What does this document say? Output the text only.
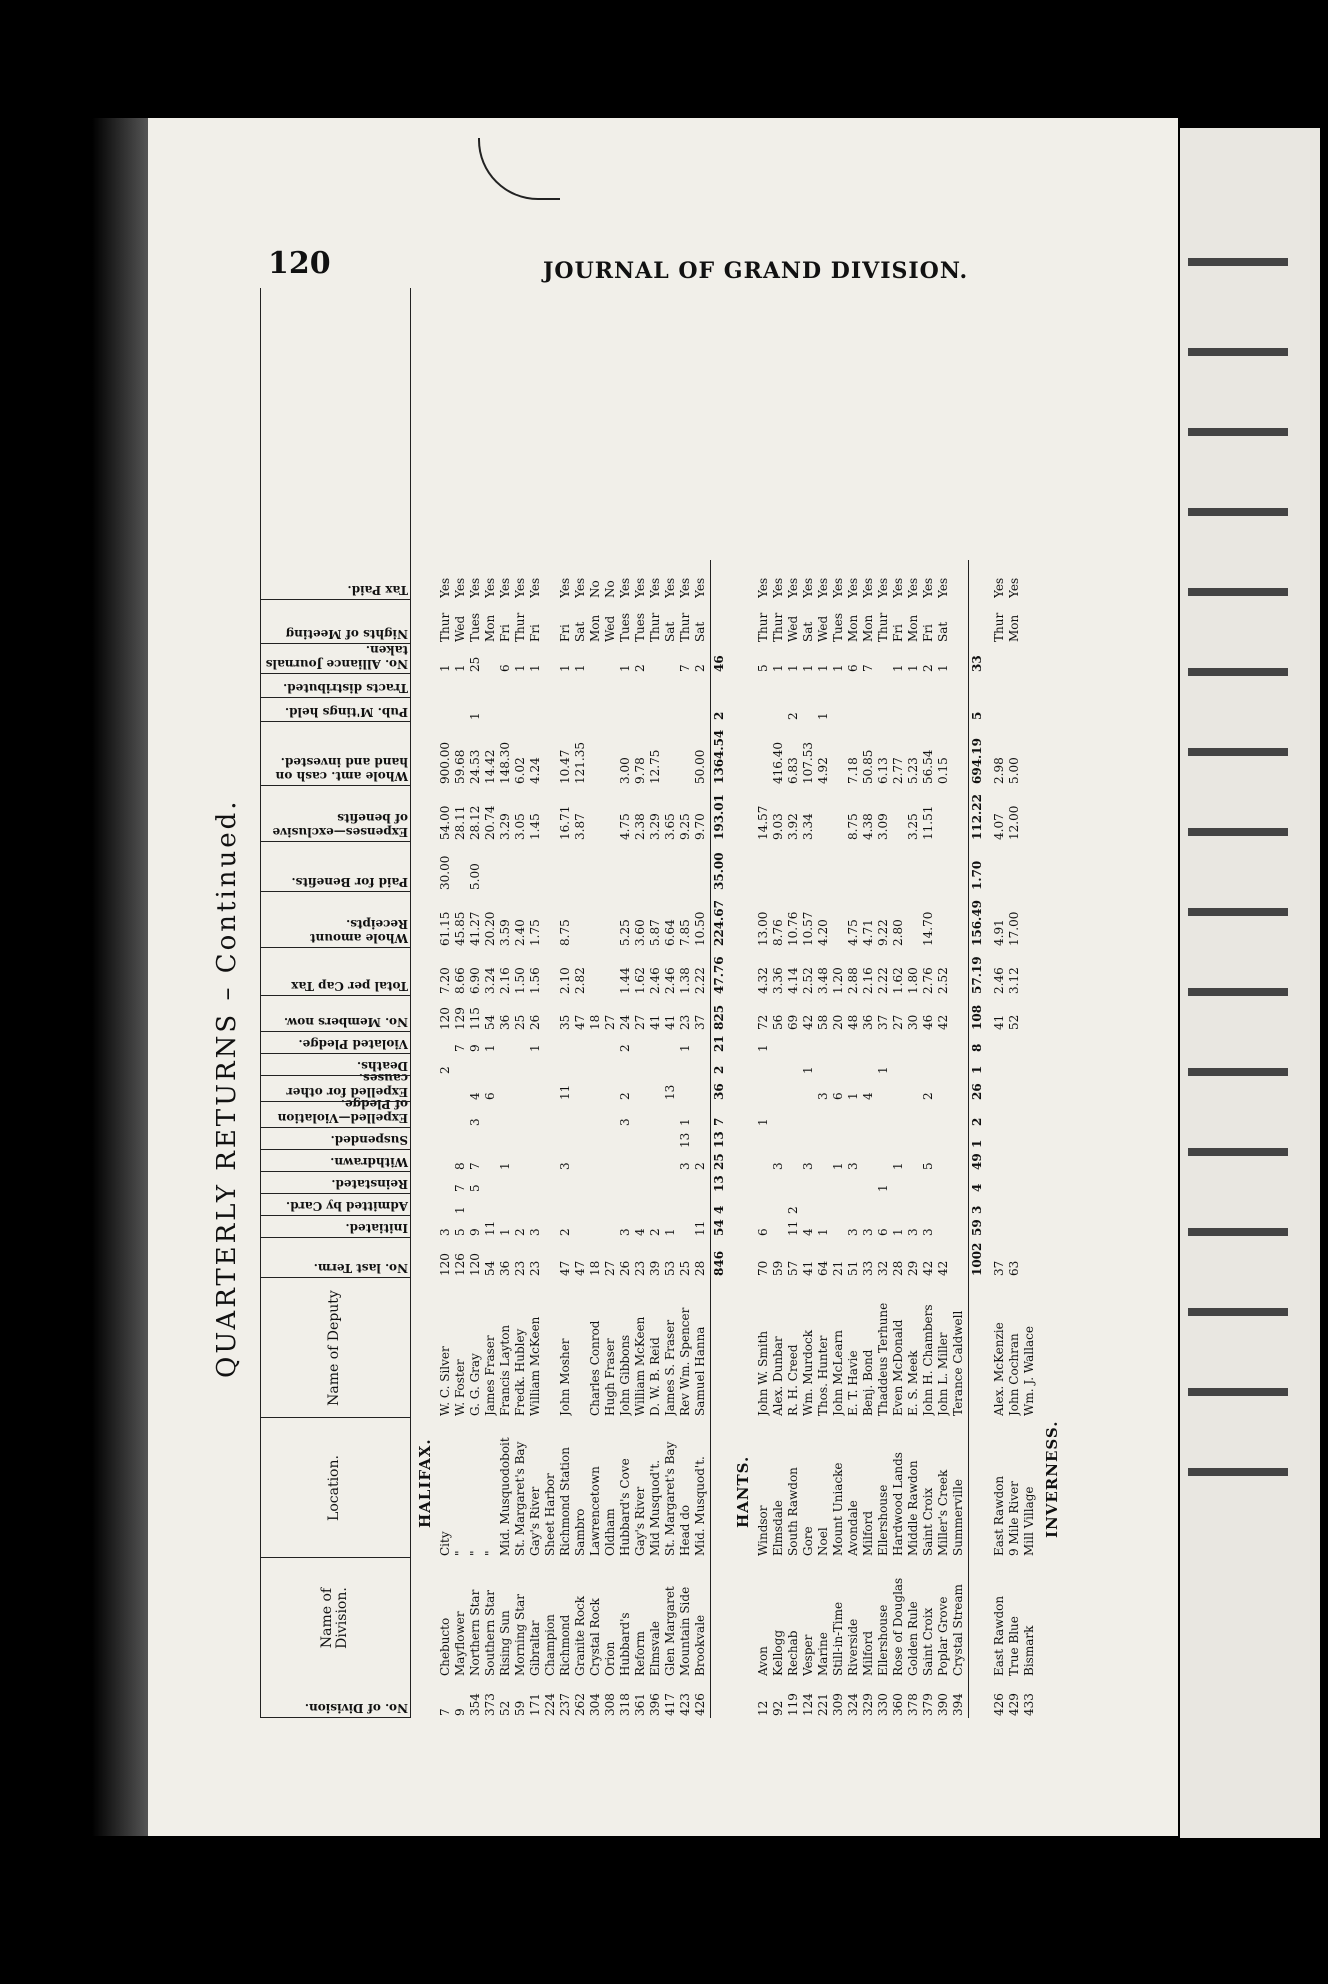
120	JOURNAL OF GRAND DIVISION.
QUARTERLY RETURNS – Continued.
No. of Division.
Name of Division.
Location.
Name of Deputy
No. last Term.
Initiated.
Admitted by Card.
Reinstated.
Withdrawn.
Suspended.
Expelled—Violation of Pledge.
Expelled for other causes.
Deaths.
Violated Pledge.
No. Members now.
Total per Cap Tax
Whole amount Receipts.
Paid for Benefits.
Expenses—exclusive of benefits
Whole amt. cash on hand and invested.
Pub. M'tings held.
Tracts distributed.
No. Alliance Journals taken.
Nights of Meeting
Tax Paid.
HALIFAX.
7
Chebucto
City
W. C. Silver
120
3
2
120
7.20
61.15
30.00
54.00
900.00
1
Thur
Yes
9
Mayflower
"
W. Foster
126
5
1
7
8
7
129
8.66
45.85
28.11
59.68
1
Wed
Yes
354
Northern Star
"
G. G. Gray
120
9
5
7
3
4
9
115
6.90
41.27
5.00
28.12
24.53
1
25
Tues
Yes
373
Southern Star
"
James Fraser
54
11
6
1
54
3.24
20.20
20.74
14.42
Mon
Yes
52
Rising Sun
Mid. Musquodoboit
Francis Layton
36
1
1
36
2.16
3.59
3.29
148.30
6
Fri
Yes
59
Morning Star
St. Margaret's Bay
Fredk. Hubley
23
2
25
1.50
2.40
3.05
6.02
1
Thur
Yes
171
Gibraltar
Gay's River
William McKeen
23
3
1
26
1.56
1.75
1.45
4.24
1
Fri
Yes
224
Champion
Sheet Harbor
237
Richmond
Richmond Station
John Mosher
47
2
3
11
35
2.10
8.75
16.71
10.47
1
Fri
Yes
262
Granite Rock
Sambro
47
47
2.82
3.87
121.35
1
Sat
Yes
304
Crystal Rock
Lawrencetown
Charles Conrod
18
18
Mon
No
308
Orion
Oldham
Hugh Fraser
27
27
Wed
No
318
Hubbard's
Hubbard's Cove
John Gibbons
26
3
3
2
2
24
1.44
5.25
4.75
3.00
1
Tues
Yes
361
Reform
Gay's River
William McKeen
23
4
27
1.62
3.60
2.38
9.78
2
Tues
Yes
396
Elmsvale
Mid Musquod't.
D. W. B. Reid
39
2
41
2.46
5.87
3.29
12.75
Thur
Yes
417
Glen Margaret
St. Margaret's Bay
James S. Fraser
53
1
13
41
2.46
6.64
3.65
Sat
Yes
423
Mountain Side
Head do
Rev Wm. Spencer
25
3
13
1
1
23
1.38
7.85
9.25
7
Thur
Yes
426
Brookvale
Mid. Musquod't.
Samuel Hanna
28
11
2
37
2.22
10.50
9.70
50.00
2
Sat
Yes
846
54
4
13
25
13
7
36
2
21
825
47.76
224.67
35.00
193.01
1364.54
2
46
HANTS.
12
Avon
Windsor
John W. Smith
70
6
1
1
72
4.32
13.00
14.57
5
Thur
Yes
92
Kellogg
Elmsdale
Alex. Dunbar
59
3
56
3.36
8.76
9.03
416.40
1
Thur
Yes
119
Rechab
South Rawdon
R. H. Creed
57
11
2
69
4.14
10.76
3.92
6.83
2
1
Wed
Yes
124
Vesper
Gore
Wm. Murdock
41
4
3
1
42
2.52
10.57
3.34
107.53
1
Sat
Yes
221
Marine
Noel
Thos. Hunter
64
1
3
58
3.48
4.20
4.92
1
1
Wed
Yes
309
Still-in-Time
Mount Uniacke
John McLearn
21
1
6
20
1.20
1
Tues
Yes
324
Riverside
Avondale
E. T. Havie
51
3
3
1
48
2.88
4.75
8.75
7.18
6
Mon
Yes
329
Milford
Milford
Benj. Bond
33
3
4
36
2.16
4.71
4.38
50.85
7
Mon
Yes
330
Ellershouse
Ellershouse
Thaddeus Terhune
32
6
1
1
37
2.22
9.22
3.09
6.13
Thur
Yes
360
Rose of Douglas
Hardwood Lands
Even McDonald
28
1
1
27
1.62
2.80
2.77
1
Fri
Yes
378
Golden Rule
Middle Rawdon
E. S. Meek
29
3
30
1.80
3.25
5.23
1
Mon
Yes
379
Saint Croix
Saint Croix
John H. Chambers
42
3
5
2
46
2.76
14.70
11.51
56.54
2
Fri
Yes
390
Poplar Grove
Miller's Creek
John L. Miller
42
42
2.52
0.15
1
Sat
Yes
394
Crystal Stream
Summerville
Terance Caldwell
1002
59
3
4
49
1
2
26
1
8
108
57.19
156.49
1.70
112.22
694.19
5
33
426
East Rawdon
East Rawdon
Alex. McKenzie
37
41
2.46
4.91
4.07
2.98
Thur
Yes
429
True Blue
9 Mile River
John Cochran
63
52
3.12
17.00
12.00
5.00
Mon
Yes
433
Bismark
Mill Village
Wm. J. Wallace
INVERNESS.
